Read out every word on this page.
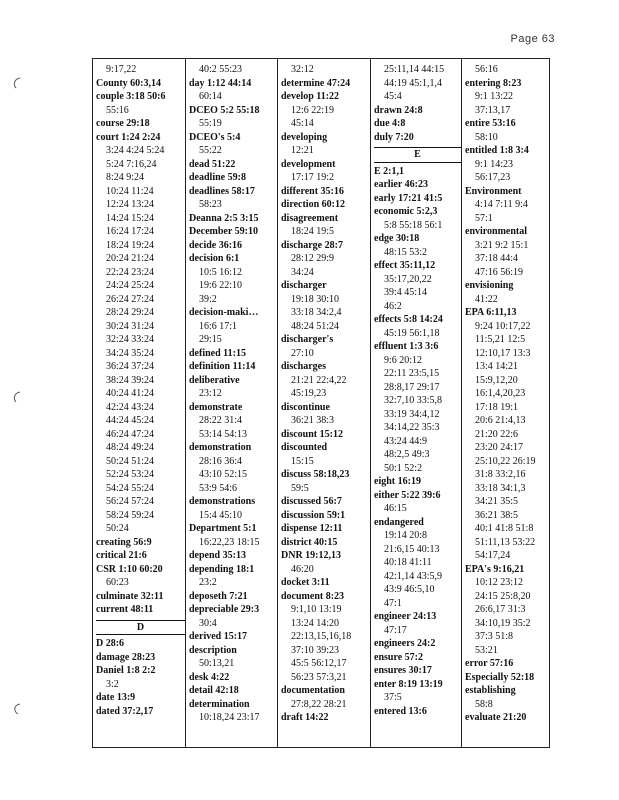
Page 63
9:17,22
County 60:3,14
couple 3:18 50:6
55:16
course 29:18
court 1:24 2:24
3:24 4:24 5:24
5:24 7:16,24
8:24 9:24
10:24 11:24
12:24 13:24
14:24 15:24
16:24 17:24
18:24 19:24
20:24 21:24
22:24 23:24
24:24 25:24
26:24 27:24
28:24 29:24
30:24 31:24
32:24 33:24
34:24 35:24
36:24 37:24
38:24 39:24
40:24 41:24
42:24 43:24
44:24 45:24
46:24 47:24
48:24 49:24
50:24 51:24
52:24 53:24
54:24 55:24
56:24 57:24
58:24 59:24
50:24
creating 56:9
critical 21:6
CSR 1:10 60:20
60:23
culminate 32:11
current 48:11
D
D 28:6
damage 28:23
Daniel 1:8 2:2
3:2
date 13:9
dated 37:2,17
40:2 55:23
day 1:12 44:14
60:14
DCEO 5:2 55:18
55:19
DCEO's 5:4
55:22
dead 51:22
deadline 59:8
deadlines 58:17
58:23
Deanna 2:5 3:15
December 59:10
decide 36:16
decision 6:1
10:5 16:12
19:6 22:10
39:2
decision-maki…
16:6 17:1
29:15
defined 11:15
definition 11:14
deliberative
23:12
demonstrate
28:22 31:4
53:14 54:13
demonstration
28:16 36:4
43:10 52:15
53:9 54:6
demonstrations
15:4 45:10
Department 5:1
16:22,23 18:15
depend 35:13
depending 18:1
23:2
deposeth 7:21
depreciable 29:3
30:4
derived 15:17
description
50:13,21
desk 4:22
detail 42:18
determination
10:18,24 23:17
32:12
determine 47:24
develop 11:22
12:6 22:19
45:14
developing
12:21
development
17:17 19:2
different 35:16
direction 60:12
disagreement
18:24 19:5
discharge 28:7
28:12 29:9
34:24
discharger
19:18 30:10
33:18 34:2,4
48:24 51:24
discharger's
27:10
discharges
21:21 22:4,22
45:19,23
discontinue
36:21 38:3
discount 15:12
discounted
15:15
discuss 58:18,23
59:5
discussed 56:7
discussion 59:1
dispense 12:11
district 40:15
DNR 19:12,13
46:20
docket 3:11
document 8:23
9:1,10 13:19
13:24 14:20
22:13,15,16,18
37:10 39:23
45:5 56:12,17
56:23 57:3,21
documentation
27:8,22 28:21
draft 14:22
25:11,14 44:15
44:19 45:1,1,4
45:4
drawn 24:8
due 4:8
duly 7:20
E
E 2:1,1
earlier 46:23
early 17:21 41:5
economic 5:2,3
5:8 55:18 56:1
edge 30:18
48:15 53:2
effect 35:11,12
35:17,20,22
39:4 45:14
46:2
effects 5:8 14:24
45:19 56:1,18
effluent 1:3 3:6
9:6 20:12
22:11 23:5,15
28:8,17 29:17
32:7,10 33:5,8
33:19 34:4,12
34:14,22 35:3
43:24 44:9
48:2,5 49:3
50:1 52:2
eight 16:19
either 5:22 39:6
46:15
endangered
19:14 20:8
21:6,15 40:13
40:18 41:11
42:1,14 43:5,9
43:9 46:5,10
47:1
engineer 24:13
47:17
engineers 24:2
ensure 57:2
ensures 30:17
enter 8:19 13:19
37:5
entered 13:6
56:16
entering 8:23
9:1 13:22
37:13,17
entire 53:16
58:10
entitled 1:8 3:4
9:1 14:23
56:17,23
Environment
4:14 7:11 9:4
57:1
environmental
3:21 9:2 15:1
37:18 44:4
47:16 56:19
envisioning
41:22
EPA 6:11,13
9:24 10:17,22
11:5,21 12:5
12:10,17 13:3
13:4 14:21
15:9,12,20
16:1,4,20,23
17:18 19:1
20:6 21:4,13
21:20 22:6
23:20 24:17
25:10,22 26:19
31:8 33:2,16
33:18 34:1,3
34:21 35:5
36:21 38:5
40:1 41:8 51:8
51:11,13 53:22
54:17,24
EPA's 9:16,21
10:12 23:12
24:15 25:8,20
26:6,17 31:3
34:10,19 35:2
37:3 51:8
53:21
error 57:16
Especially 52:18
establishing
58:8
evaluate 21:20
